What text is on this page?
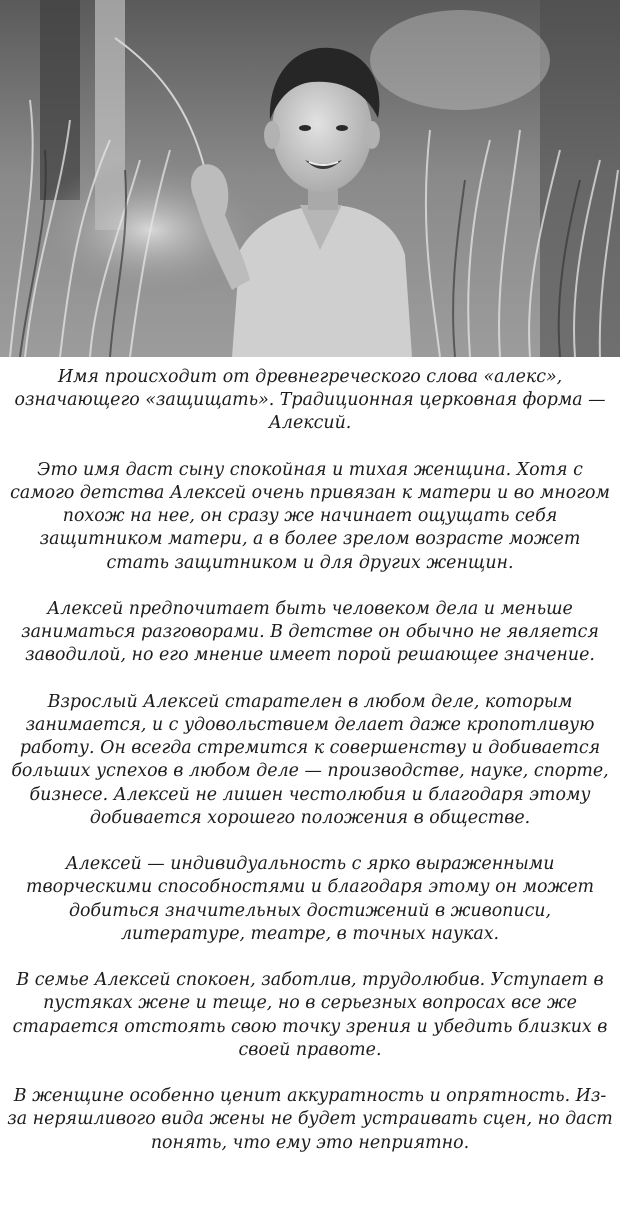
Имя происходит от древнегреческого слова «алекс», означающего «защищать». Традиционная церковная форма — Алексий.

Это имя даст сыну спокойная и тихая женщина. Хотя с самого детства Алексей очень привязан к матери и во многом похож на нее, он сразу же начинает ощущать себя защитником матери, а в более зрелом возрасте может стать защитником и для других женщин.

Алексей предпочитает быть человеком дела и меньше заниматься разговорами. В детстве он обычно не является заводилой, но его мнение имеет порой решающее значение.

Взрослый Алексей старателен в любом деле, которым занимается, и с удовольствием делает даже кропотливую работу. Он всегда стремится к совершенству и добивается больших успехов в любом деле — производстве, науке, спорте, бизнесе. Алексей не лишен честолюбия и благодаря этому добивается хорошего положения в обществе.

Алексей — индивидуальность с ярко выраженными творческими способностями и благодаря этому он может добиться значительных достижений в живописи, литературе, театре, в точных науках.

В семье Алексей спокоен, заботлив, трудолюбив. Уступает в пустяках жене и теще, но в серьезных вопросах все же старается отстоять свою точку зрения и убедить близких в своей правоте.

В женщине особенно ценит аккуратность и опрятность. Из-за неряшливого вида жены не будет устраивать сцен, но даст понять, что ему это неприятно.
